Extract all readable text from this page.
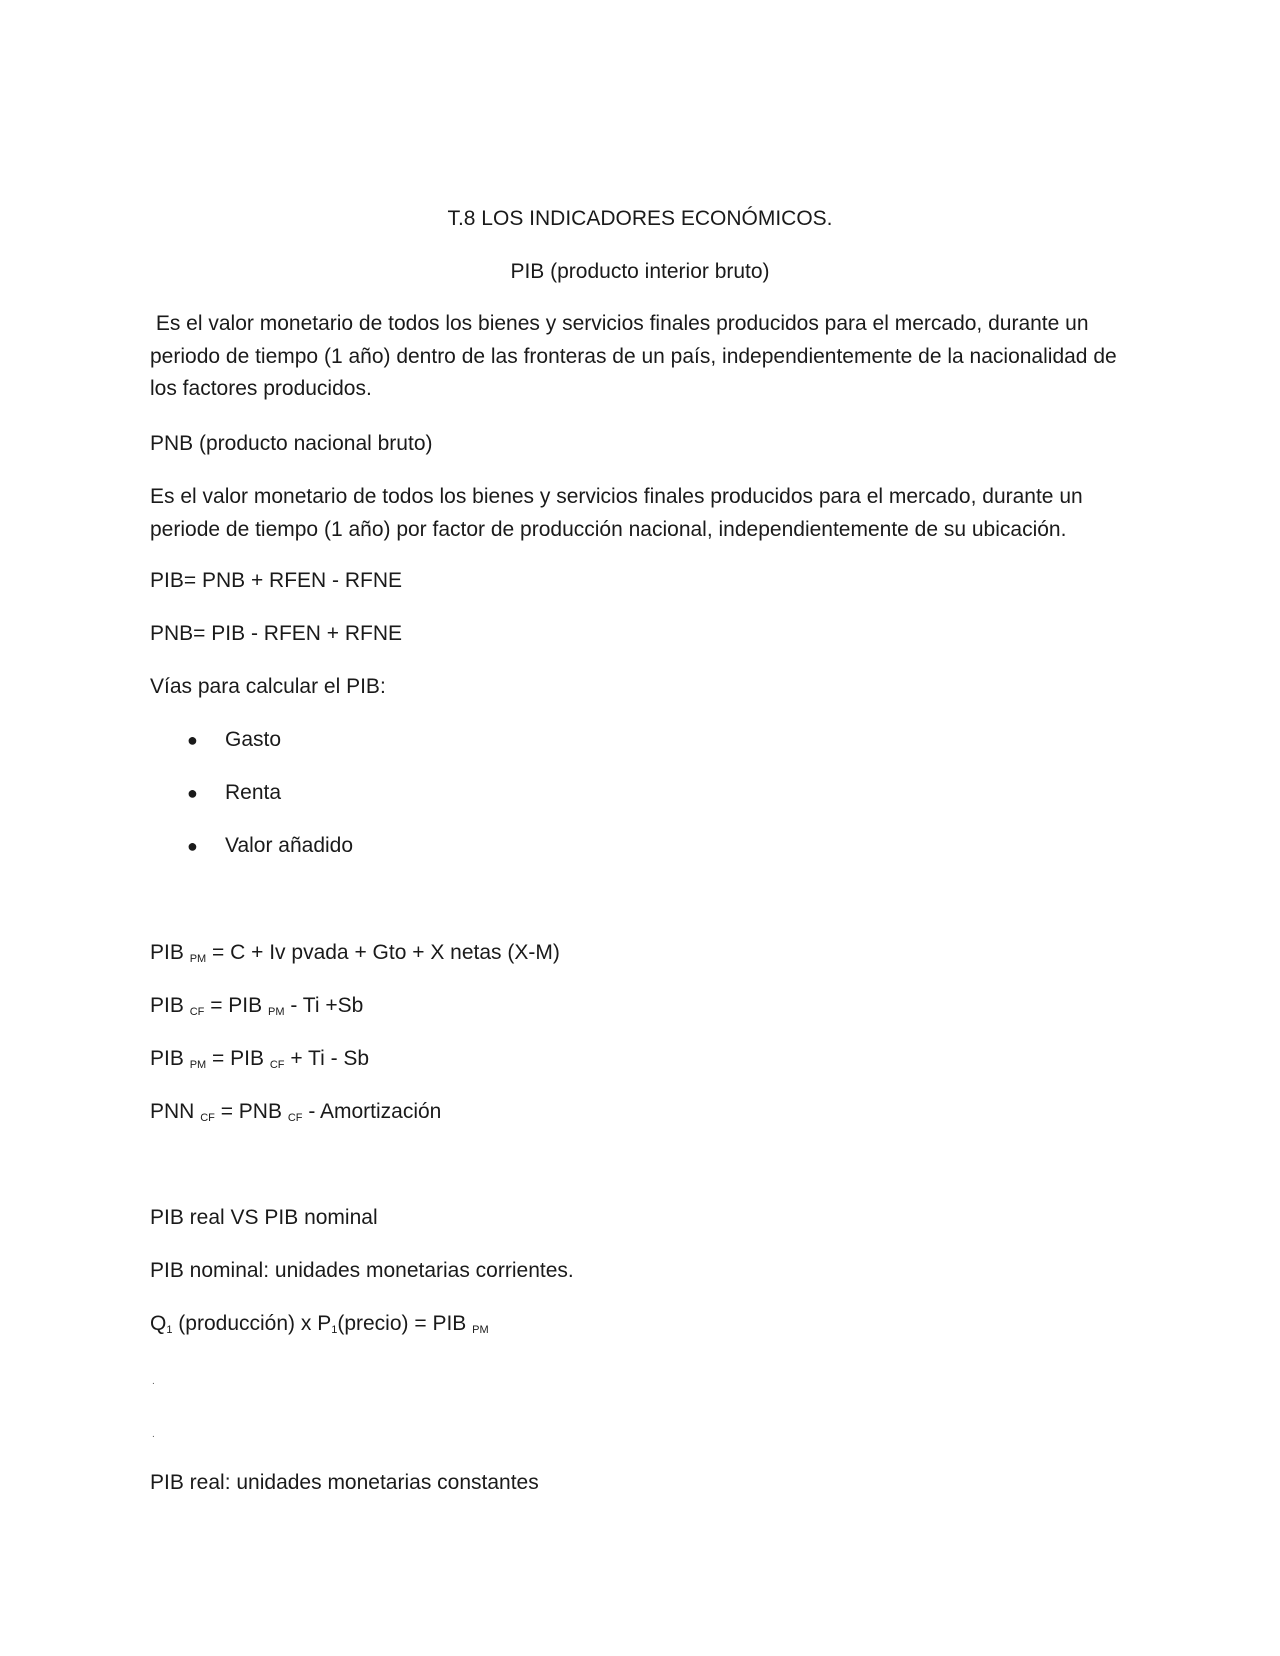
T.8 LOS INDICADORES ECONÓMICOS.
PIB (producto interior bruto)
Es el valor monetario de todos los bienes y servicios finales producidos para el mercado, durante un periodo de tiempo (1 año) dentro de las fronteras de un país, independientemente de la nacionalidad de los factores producidos.
PNB (producto nacional bruto)
Es el valor monetario de todos los bienes y servicios finales producidos para el mercado, durante un periode de tiempo (1 año) por factor de producción nacional, independientemente de su ubicación.
PIB= PNB + RFEN - RFNE
PNB= PIB - RFEN + RFNE
Vías para calcular el PIB:
● Gasto
● Renta
● Valor añadido
PIB $_{PM}$ = C + Iv pvada + Gto + X netas (X-M)
PIB $_{CF}$ = PIB $_{PM}$ - Ti +Sb
PIB $_{PM}$ = PIB $_{CF}$ + Ti - Sb
PNN $_{CF}$ = PNB $_{CF}$ - Amortización
PIB real VS PIB nominal
PIB nominal: unidades monetarias corrientes.
$Q_1$ (producción) x $P_1(precio)$ = PIB $_{PM}$
.
.
PIB real: unidades monetarias constantes
